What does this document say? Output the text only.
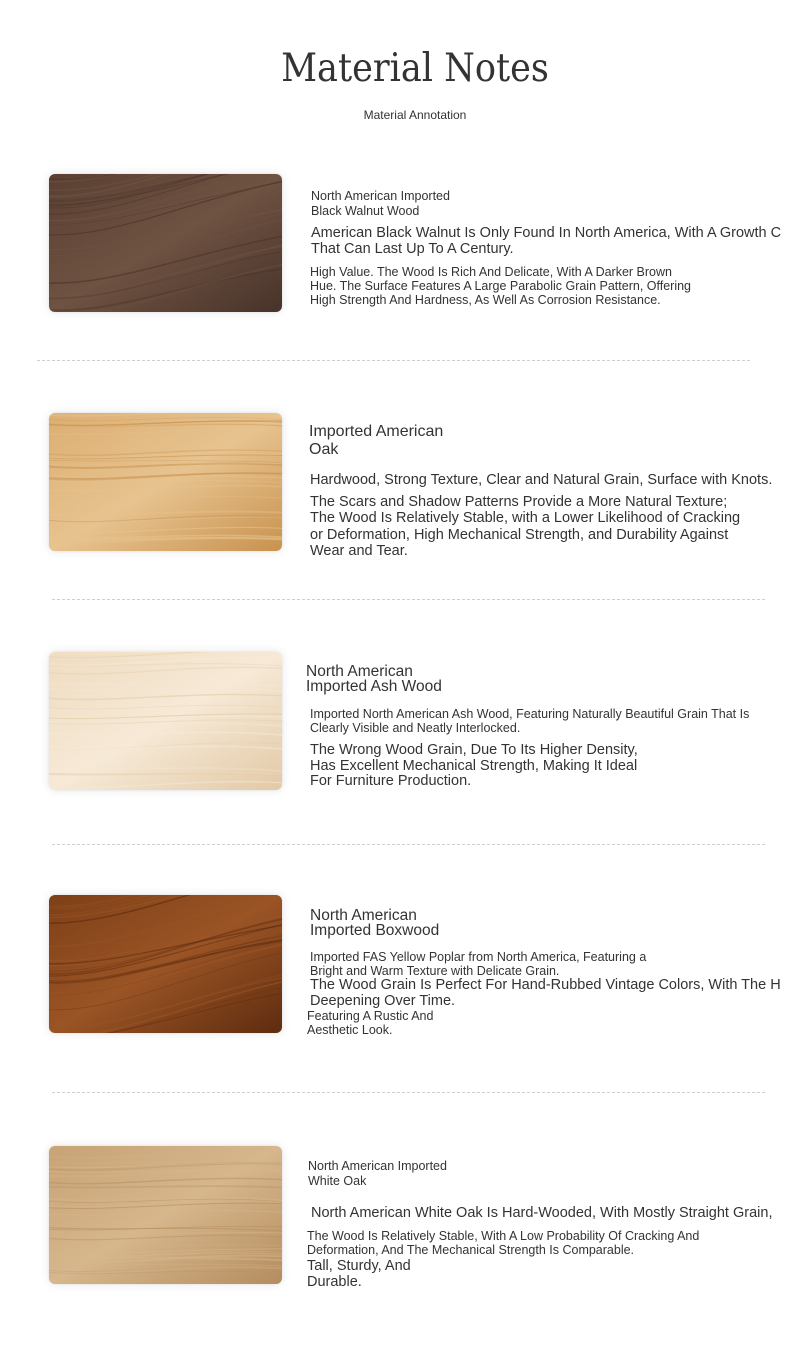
Material Notes
Material Annotation
North American Imported
Black Walnut Wood
American Black Walnut Is Only Found In North America, With A Growth C
That Can Last Up To A Century.
High Value. The Wood Is Rich And Delicate, With A Darker Brown
Hue. The Surface Features A Large Parabolic Grain Pattern, Offering
High Strength And Hardness, As Well As Corrosion Resistance.
Imported American
Oak
Hardwood, Strong Texture, Clear and Natural Grain, Surface with Knots.
The Scars and Shadow Patterns Provide a More Natural Texture;
The Wood Is Relatively Stable, with a Lower Likelihood of Cracking
or Deformation, High Mechanical Strength, and Durability Against
Wear and Tear.
North American
Imported Ash Wood
Imported North American Ash Wood, Featuring Naturally Beautiful Grain That Is
Clearly Visible and Neatly Interlocked.
The Wrong Wood Grain, Due To Its Higher Density,
Has Excellent Mechanical Strength, Making It Ideal
For Furniture Production.
North American
Imported Boxwood
Imported FAS Yellow Poplar from North America, Featuring a
Bright and Warm Texture with Delicate Grain.
The Wood Grain Is Perfect For Hand-Rubbed Vintage Colors, With The H
Deepening Over Time.
Featuring A Rustic And
Aesthetic Look.
North American Imported
White Oak
North American White Oak Is Hard-Wooded, With Mostly Straight Grain,
The Wood Is Relatively Stable, With A Low Probability Of Cracking And
Deformation, And The Mechanical Strength Is Comparable.
Tall, Sturdy, And
Durable.
